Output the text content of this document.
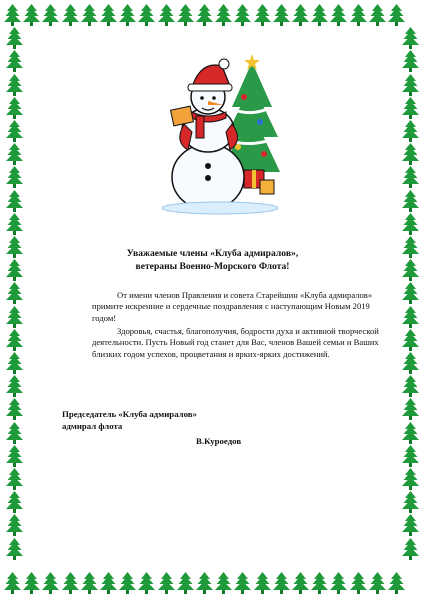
Уважаемые члены «Клуба адмиралов»,
ветераны Военно-Морского Флота!
От имени членов Правления и совета Старейшин «Клуба адмиралов»
примите искренние и сердечные поздравления с наступающим Новым 2019
годом!
Здоровья, счастья, благополучия, бодрости духа и активной творческой
деятельности. Пусть Новый год станет для Вас, членов Вашей семьи и Ваших
близких годом успехов, процветания и ярких-ярких достижений.
Председатель «Клуба адмиралов»
адмирал флота
В.Куроедов
